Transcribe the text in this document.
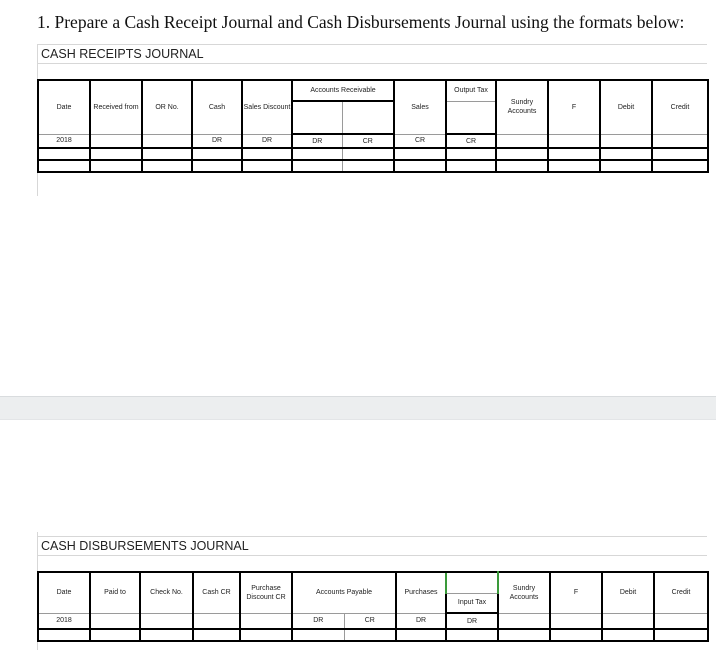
1. Prepare a Cash Receipt Journal and Cash Disbursements Journal using the formats below:
CASH RECEIPTS JOURNAL
Date	Received from	OR No.	Cash	Sales Discount	Accounts Receivable		Sales	Output Tax	Sundry Accounts	F	Debit	Credit

2018			DR	DR	DR	CR	CR	CR				

CASH DISBURSEMENTS JOURNAL
Date	Paid to	Check No.	Cash CR	Purchase Discount CR	Accounts Payable		Purchases		Sundry Accounts	F	Debit	Credit
								Input Tax				
2018					DR	CR	DR	DR				
